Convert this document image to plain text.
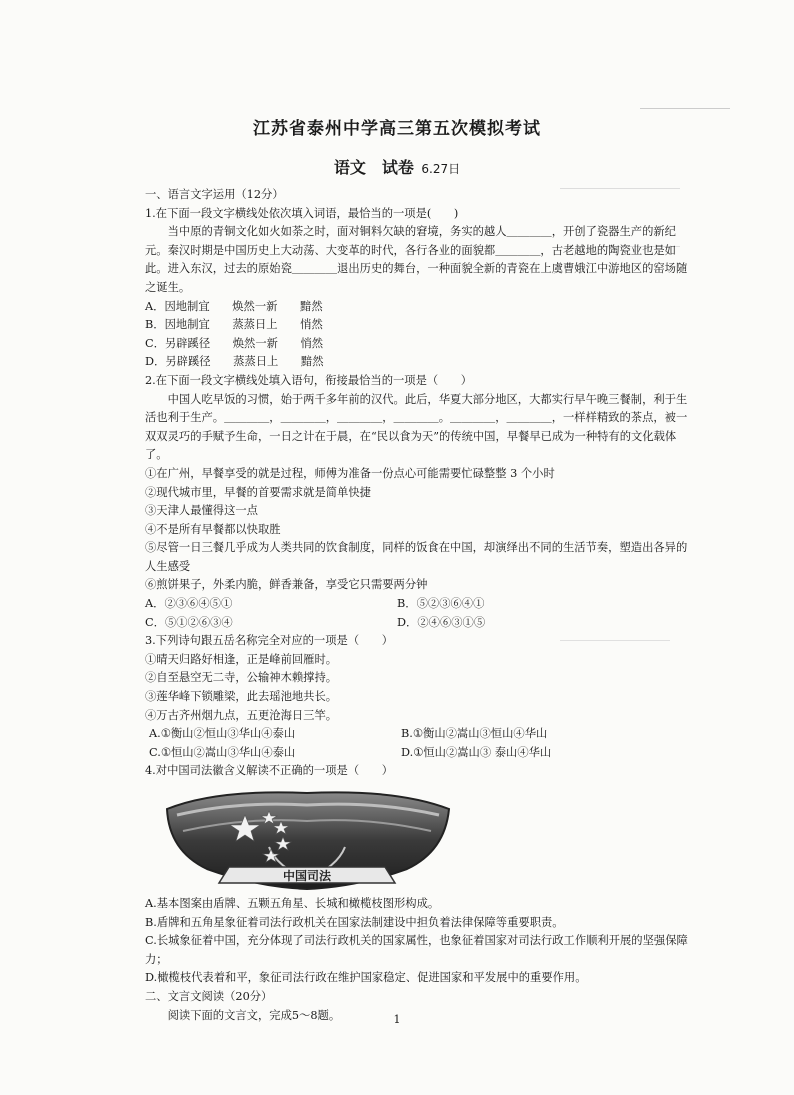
江苏省泰州中学高三第五次模拟考试
语文　试卷 6.27日

一、语言文字运用（12分）

1.在下面一段文字横线处依次填入词语，最恰当的一项是(　　)

当中原的青铜文化如火如荼之时，面对铜料欠缺的窘境，务实的越人＿＿＿＿，开创了瓷器生产的新纪元。秦汉时期是中国历史上大动荡、大变革的时代，各行各业的面貌都＿＿＿＿，古老越地的陶瓷业也是如此。进入东汉，过去的原始瓷＿＿＿＿退出历史的舞台，一种面貌全新的青瓷在上虞曹娥江中游地区的窑场随之诞生。

A．因地制宜　　焕然一新　　黯然

B．因地制宜　　蒸蒸日上　　悄然

C．另辟蹊径　　焕然一新　　悄然

D．另辟蹊径　　蒸蒸日上　　黯然

2.在下面一段文字横线处填入语句，衔接最恰当的一项是（　　）

中国人吃早饭的习惯，始于两千多年前的汉代。此后，华夏大部分地区，大都实行早午晚三餐制，利于生活也利于生产。＿＿＿＿，＿＿＿＿，＿＿＿＿，＿＿＿＿。＿＿＿＿，＿＿＿＿，一样样精致的茶点，被一双双灵巧的手赋予生命，一日之计在于晨，在“民以食为天”的传统中国，早餐早已成为一种特有的文化载体了。

①在广州，早餐享受的就是过程，师傅为准备一份点心可能需要忙碌整整 3 个小时

②现代城市里，早餐的首要需求就是简单快捷

③天津人最懂得这一点

④不是所有早餐都以快取胜

⑤尽管一日三餐几乎成为人类共同的饮食制度，同样的饭食在中国，却演绎出不同的生活节奏，塑造出各异的人生感受

⑥煎饼果子，外柔内脆，鲜香兼备，享受它只需要两分钟

A．②③⑥④⑤①	B．⑤②③⑥④①
C．⑤①②⑥③④	D．②④⑥③①⑤

3.下列诗句跟五岳名称完全对应的一项是（　　）

①晴天归路好相逢，正是峰前回雁时。

②自至悬空无二寺，公输神木赖撑持。

③莲华峰下锁雕梁，此去瑶池地共长。

④万古齐州烟九点，五更沧海日三竿。

A.①衡山②恒山③华山④泰山	B.①衡山②嵩山③恒山④华山
C.①恒山②嵩山③华山④泰山	D.①恒山②嵩山③ 泰山④华山

4.对中国司法徽含义解读不正确的一项是（　　）

中国司法

A.基本图案由盾牌、五颗五角星、长城和橄榄枝图形构成。

B.盾牌和五角星象征着司法行政机关在国家法制建设中担负着法律保障等重要职责。

C.长城象征着中国，充分体现了司法行政机关的国家属性，也象征着国家对司法行政工作顺利开展的坚强保障力；

D.橄榄枝代表着和平，象征司法行政在维护国家稳定、促进国家和平发展中的重要作用。

二、文言文阅读（20分）

阅读下面的文言文，完成5～8题。	1
